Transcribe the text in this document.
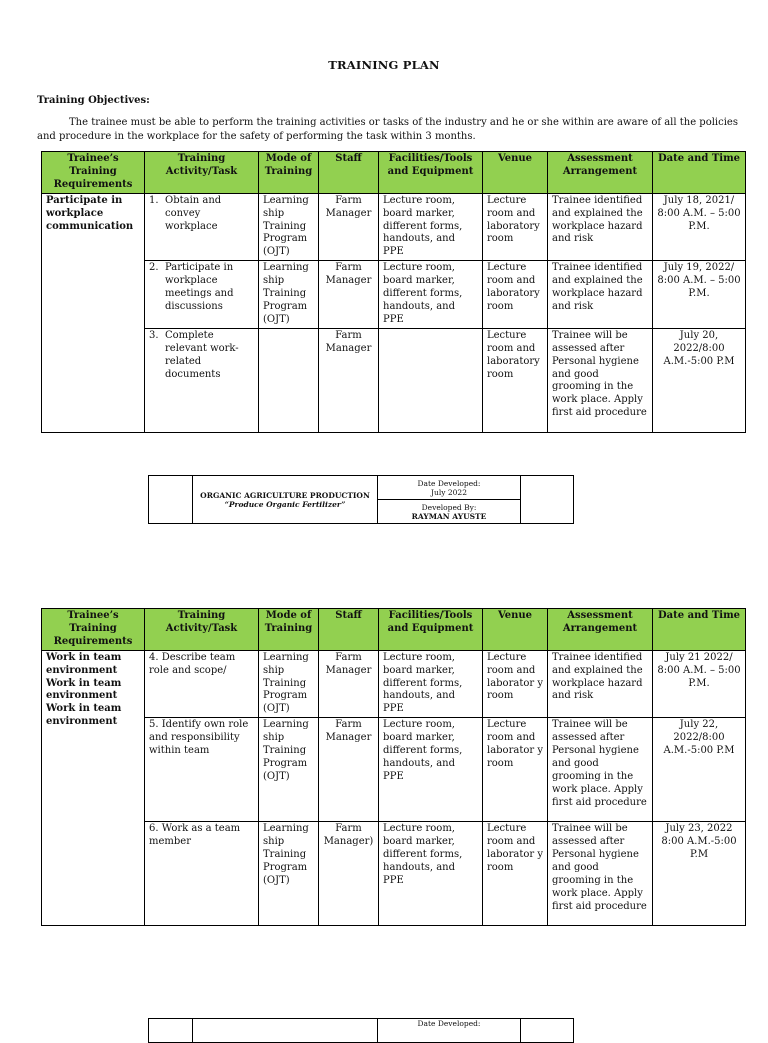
TRAINING PLAN
Training Objectives:
The trainee must be able to perform the training activities or tasks of the industry and he or she within are aware of all the policies and procedure in the workplace for the safety of performing the task within 3 months.
Trainee’s Training Requirements	Training Activity/Task	Mode of Training	Staff	Facilities/Tools and Equipment	Venue	Assessment Arrangement	Date and Time
Participate in workplace communication	1. Obtain and convey workplace	Learning ship Training Program (OJT)	Farm Manager	Lecture room, board marker, different forms, handouts, and PPE	Lecture room and laboratory room	Trainee identified and explained the workplace hazard and risk	July 18, 2021/ 8:00 A.M. – 5:00 P.M.

	2. Participate in workplace meetings and discussions	Learning ship Training Program (OJT)	Farm Manager	Lecture room, board marker, different forms, handouts, and PPE	Lecture room and laboratory room	Trainee identified and explained the workplace hazard and risk	July 19, 2022/ 8:00 A.M. – 5:00 P.M.

	3. Complete relevant work-related documents		Farm Manager		Lecture room and laboratory room	Trainee will be assessed after Personal hygiene and good grooming in the work place. Apply first aid procedure	July 20, 2022/8:00 A.M.-5:00 P.M

ORGANIC AGRICULTURE PRODUCTION
“Produce Organic Fertilizer”

Date Developed:
July 2022

Developed By:
RAYMAN AYUSTE
Trainee’s Training Requirements	Training Activity/Task	Mode of Training	Staff	Facilities/Tools and Equipment	Venue	Assessment Arrangement	Date and Time
Work in team environment Work in team environment Work in team environment	4. Describe team role and scope/	Learning ship Training Program (OJT)	Farm Manager	Lecture room, board marker, different forms, handouts, and PPE	Lecture room and laborator y room	Trainee identified and explained the workplace hazard and risk	July 21 2022/ 8:00 A.M. – 5:00 P.M.
	5. Identify own role and responsibility within team	Learning ship Training Program (OJT)	Farm Manager	Lecture room, board marker, different forms, handouts, and PPE	Lecture room and laborator y room	Trainee will be assessed after Personal hygiene and good grooming in the work place. Apply first aid procedure	July 22, 2022/8:00 A.M.-5:00 P.M
	6. Work as a team member	Learning ship Training Program (OJT)	Farm Manager)	Lecture room, board marker, different forms, handouts, and PPE	Lecture room and laborator y room	Trainee will be assessed after Personal hygiene and good grooming in the work place. Apply first aid procedure	July 23, 2022 8:00 A.M.-5:00 P.M

Date Developed:
